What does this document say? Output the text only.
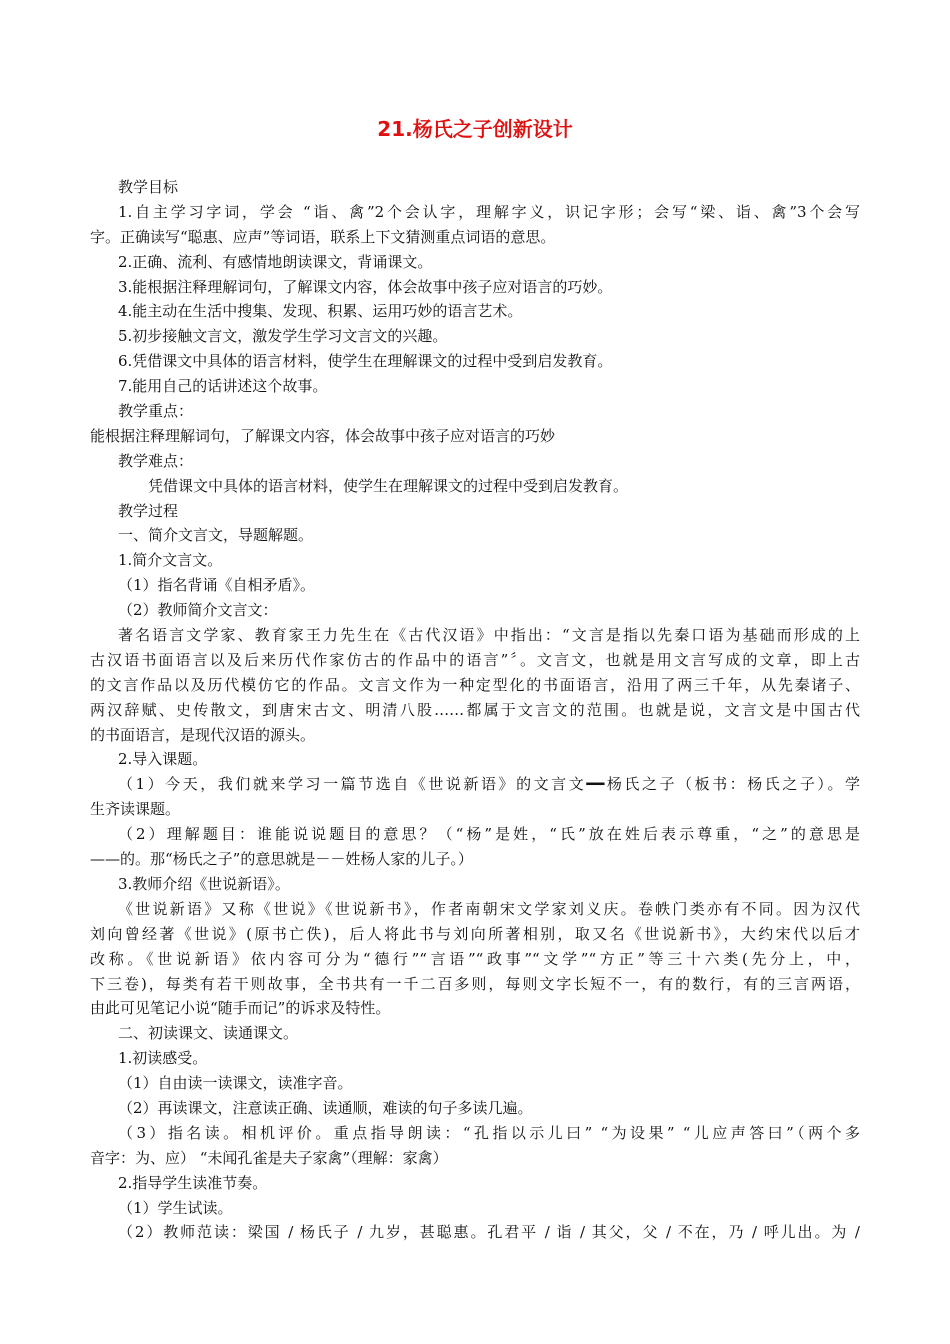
21.杨氏之子创新设计
教学目标
1.自主学习字词，学会 “诣、禽”2个会认字，理解字义，识记字形；会写“梁、诣、禽”3个会写
字。正确读写“聪惠、应声”等词语，联系上下文猜测重点词语的意思。
2.正确、流利、有感情地朗读课文，背诵课文。
3.能根据注释理解词句，了解课文内容，体会故事中孩子应对语言的巧妙。
4.能主动在生活中搜集、发现、积累、运用巧妙的语言艺术。
5.初步接触文言文，激发学生学习文言文的兴趣。
6.凭借课文中具体的语言材料，使学生在理解课文的过程中受到启发教育。
7.能用自己的话讲述这个故事。
教学重点：
能根据注释理解词句，了解课文内容，体会故事中孩子应对语言的巧妙
教学难点：
凭借课文中具体的语言材料，使学生在理解课文的过程中受到启发教育。
教学过程
一、简介文言文，导题解题。
1.简介文言文。
（1）指名背诵《自相矛盾》。
（2）教师简介文言文：
著名语言文学家、教育家王力先生在《古代汉语》中指出：“文言是指以先秦口语为基础而形成的上
古汉语书面语言以及后来历代作家仿古的作品中的语言”〞。文言文，也就是用文言写成的文章，即上古
的文言作品以及历代模仿它的作品。文言文作为一种定型化的书面语言，沿用了两三千年，从先秦诸子、
两汉辞赋、史传散文，到唐宋古文、明清八股……都属于文言文的范围。也就是说，文言文是中国古代
的书面语言，是现代汉语的源头。
2.导入课题。
（1）今天，我们就来学习一篇节选自《世说新语》的文言文━━杨氏之子（板书：杨氏之子）。学
生齐读课题。
（2）理解题目：谁能说说题目的意思？（“杨”是姓，“氏”放在姓后表示尊重，“之”的意思是
——的。那“杨氏之子”的意思就是－－姓杨人家的儿子。）
3.教师介绍《世说新语》。
《世说新语》又称《世说》《世说新书》，作者南朝宋文学家刘义庆。卷帙门类亦有不同。因为汉代
刘向曾经著《世说》(原书亡佚)，后人将此书与刘向所著相别，取又名《世说新书》，大约宋代以后才
改称。《世说新语》依内容可分为“德行”“言语”“政事”“文学”“方正”等三十六类(先分上，中，
下三卷)，每类有若干则故事，全书共有一千二百多则，每则文字长短不一，有的数行，有的三言两语，
由此可见笔记小说“随手而记”的诉求及特性。
二、初读课文、读通课文。
1.初读感受。
（1）自由读一读课文，读准字音。
（2）再读课文，注意读正确、读通顺，难读的句子多读几遍。
（3）指名读。相机评价。重点指导朗读：“孔指以示儿曰” “为设果” “儿应声答曰”（两个多
音字：为、应） “未闻孔雀是夫子家禽”（理解：家禽）
2.指导学生读准节奏。
（1）学生试读。
（2）教师范读：梁国 / 杨氏子 / 九岁，甚聪惠。孔君平 / 诣 / 其父，父 / 不在，乃 / 呼儿出。为 /
